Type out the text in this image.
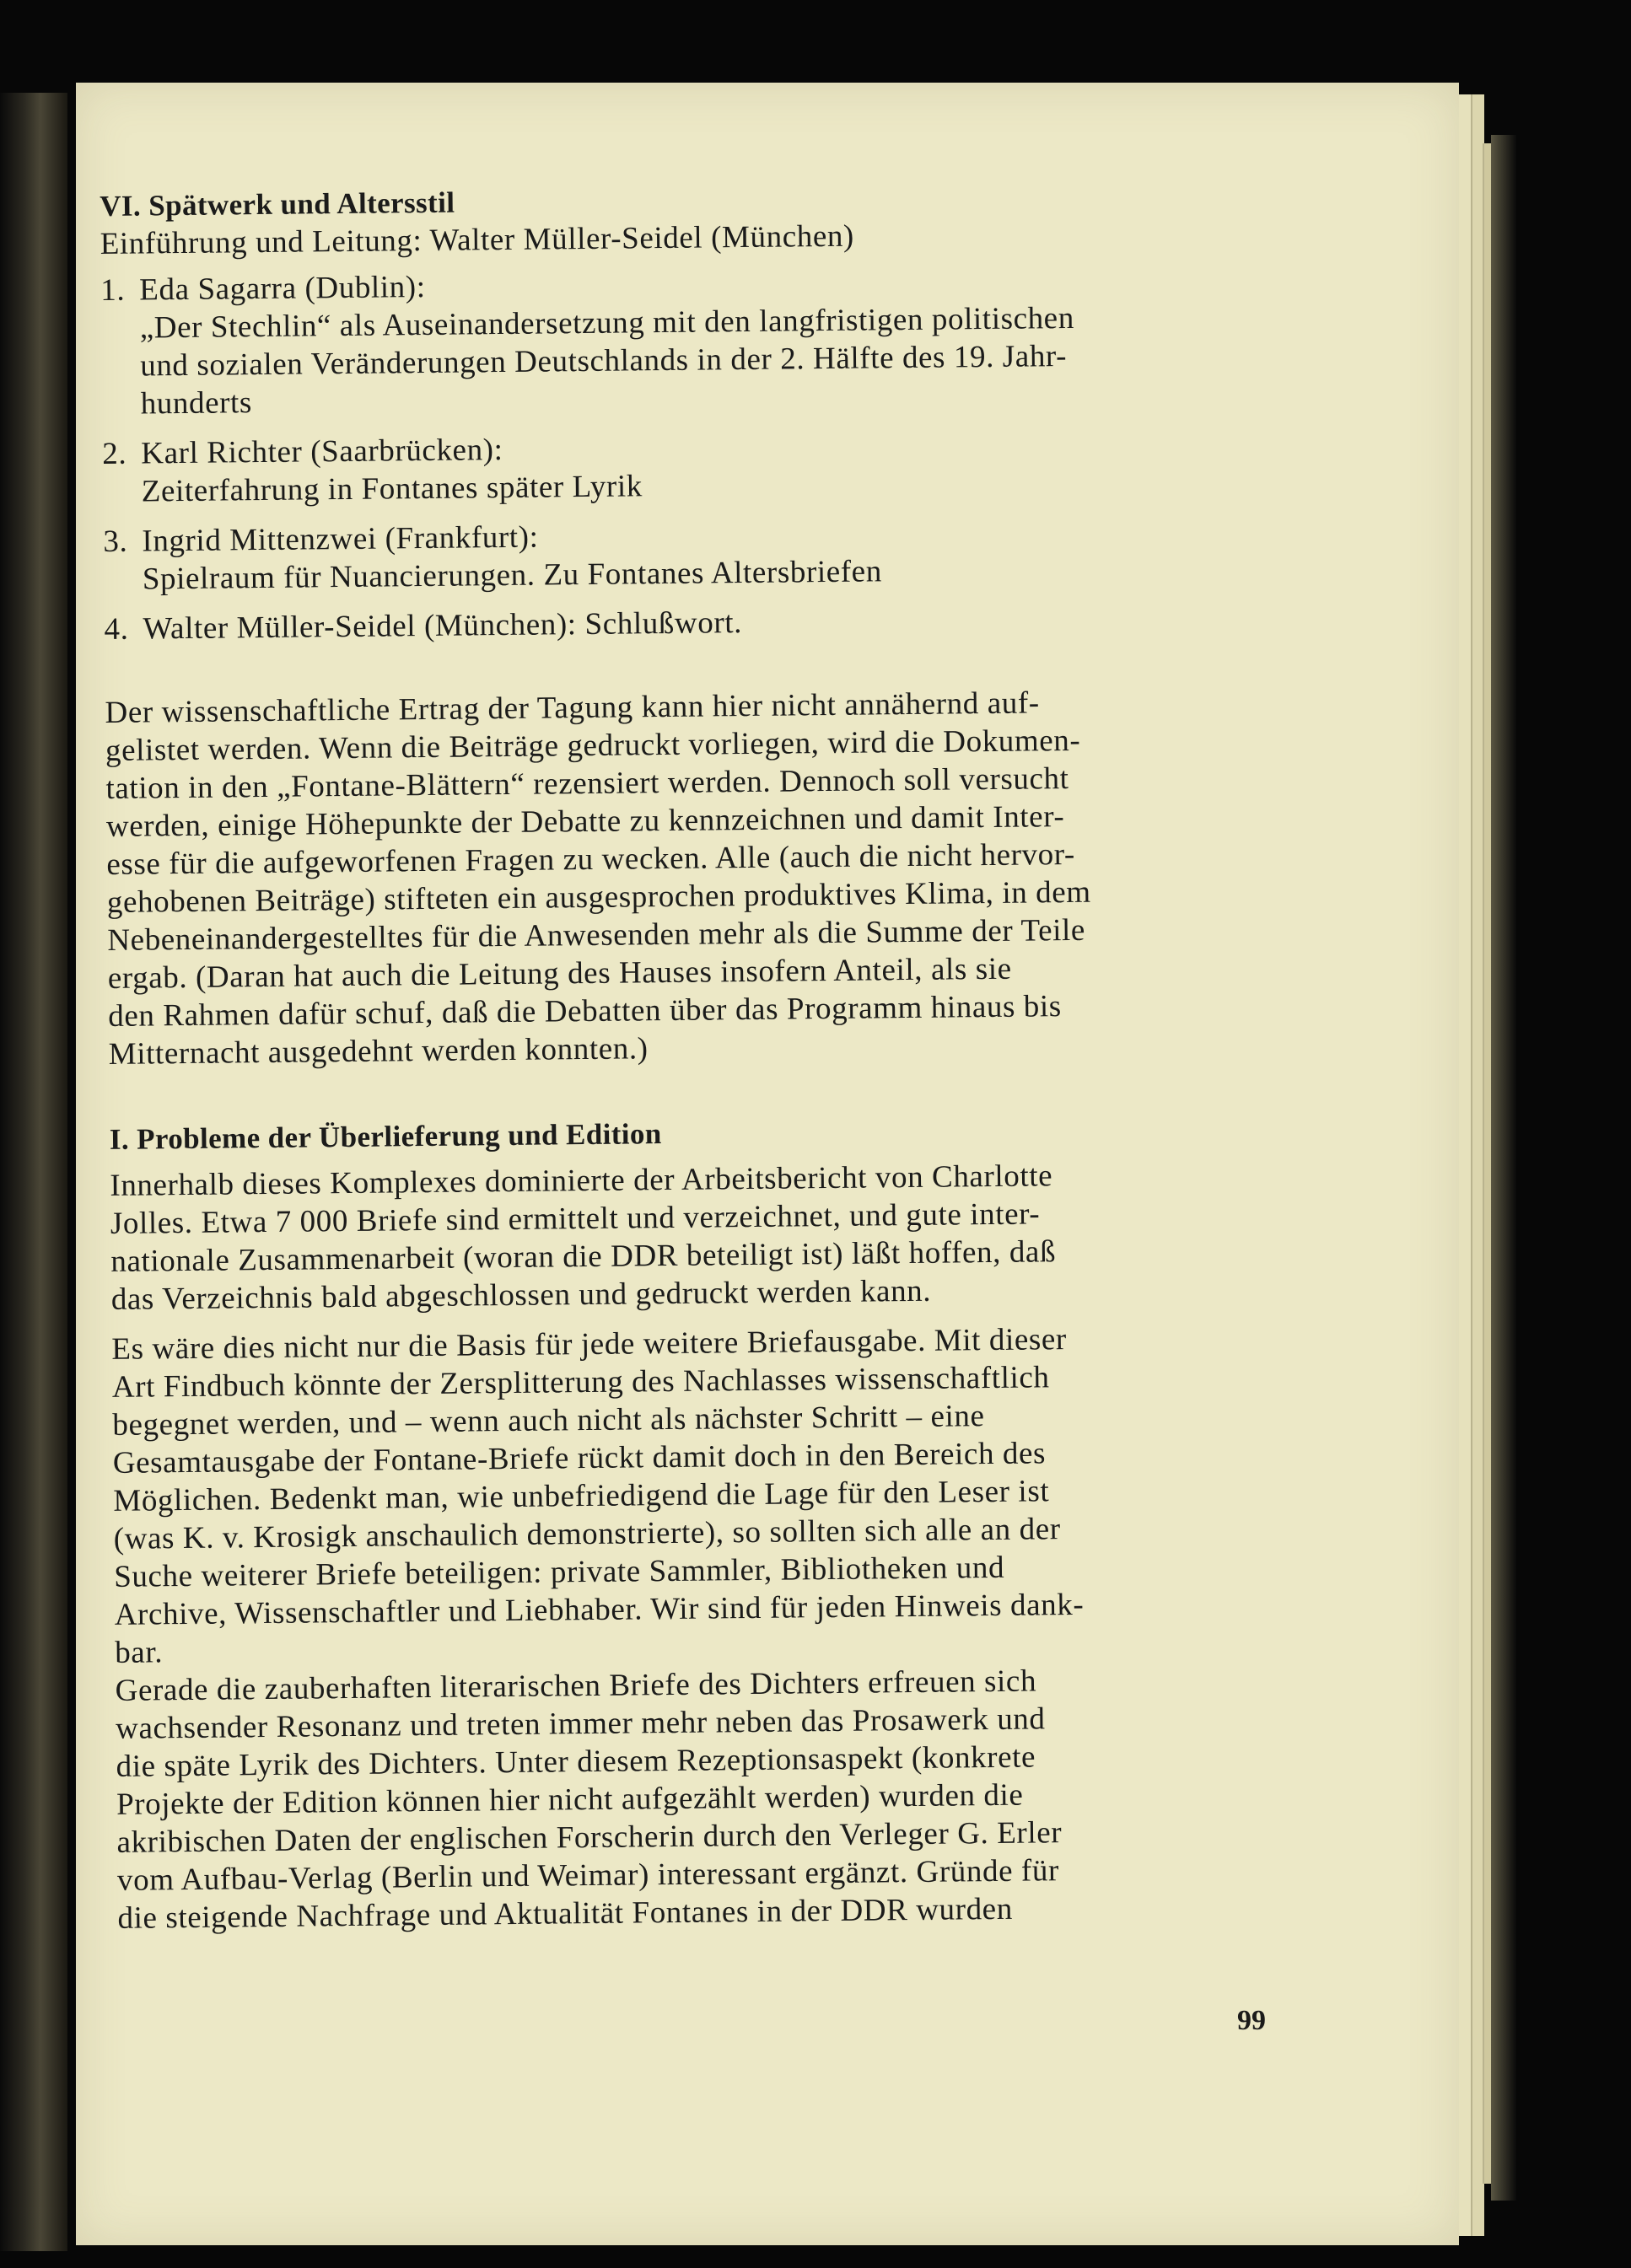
VI. Spätwerk und Altersstil
Einführung und Leitung: Walter Müller-Seidel (München)
1. Eda Sagarra (Dublin):
„Der Stechlin“ als Auseinandersetzung mit den langfristigen politischen
und sozialen Veränderungen Deutschlands in der 2. Hälfte des 19. Jahr-
hunderts
2. Karl Richter (Saarbrücken):
Zeiterfahrung in Fontanes später Lyrik
3. Ingrid Mittenzwei (Frankfurt):
Spielraum für Nuancierungen. Zu Fontanes Altersbriefen
4. Walter Müller-Seidel (München): Schlußwort.
Der wissenschaftliche Ertrag der Tagung kann hier nicht annähernd auf-
gelistet werden. Wenn die Beiträge gedruckt vorliegen, wird die Dokumen-
tation in den „Fontane-Blättern“ rezensiert werden. Dennoch soll versucht
werden, einige Höhepunkte der Debatte zu kennzeichnen und damit Inter-
esse für die aufgeworfenen Fragen zu wecken. Alle (auch die nicht hervor-
gehobenen Beiträge) stifteten ein ausgesprochen produktives Klima, in dem
Nebeneinandergestelltes für die Anwesenden mehr als die Summe der Teile
ergab. (Daran hat auch die Leitung des Hauses insofern Anteil, als sie
den Rahmen dafür schuf, daß die Debatten über das Programm hinaus bis
Mitternacht ausgedehnt werden konnten.)
I. Probleme der Überlieferung und Edition
Innerhalb dieses Komplexes dominierte der Arbeitsbericht von Charlotte
Jolles. Etwa 7 000 Briefe sind ermittelt und verzeichnet, und gute inter-
nationale Zusammenarbeit (woran die DDR beteiligt ist) läßt hoffen, daß
das Verzeichnis bald abgeschlossen und gedruckt werden kann.
Es wäre dies nicht nur die Basis für jede weitere Briefausgabe. Mit dieser
Art Findbuch könnte der Zersplitterung des Nachlasses wissenschaftlich
begegnet werden, und – wenn auch nicht als nächster Schritt – eine
Gesamtausgabe der Fontane-Briefe rückt damit doch in den Bereich des
Möglichen. Bedenkt man, wie unbefriedigend die Lage für den Leser ist
(was K. v. Krosigk anschaulich demonstrierte), so sollten sich alle an der
Suche weiterer Briefe beteiligen: private Sammler, Bibliotheken und
Archive, Wissenschaftler und Liebhaber. Wir sind für jeden Hinweis dank-
bar.
Gerade die zauberhaften literarischen Briefe des Dichters erfreuen sich
wachsender Resonanz und treten immer mehr neben das Prosawerk und
die späte Lyrik des Dichters. Unter diesem Rezeptionsaspekt (konkrete
Projekte der Edition können hier nicht aufgezählt werden) wurden die
akribischen Daten der englischen Forscherin durch den Verleger G. Erler
vom Aufbau-Verlag (Berlin und Weimar) interessant ergänzt. Gründe für
die steigende Nachfrage und Aktualität Fontanes in der DDR wurden
99
